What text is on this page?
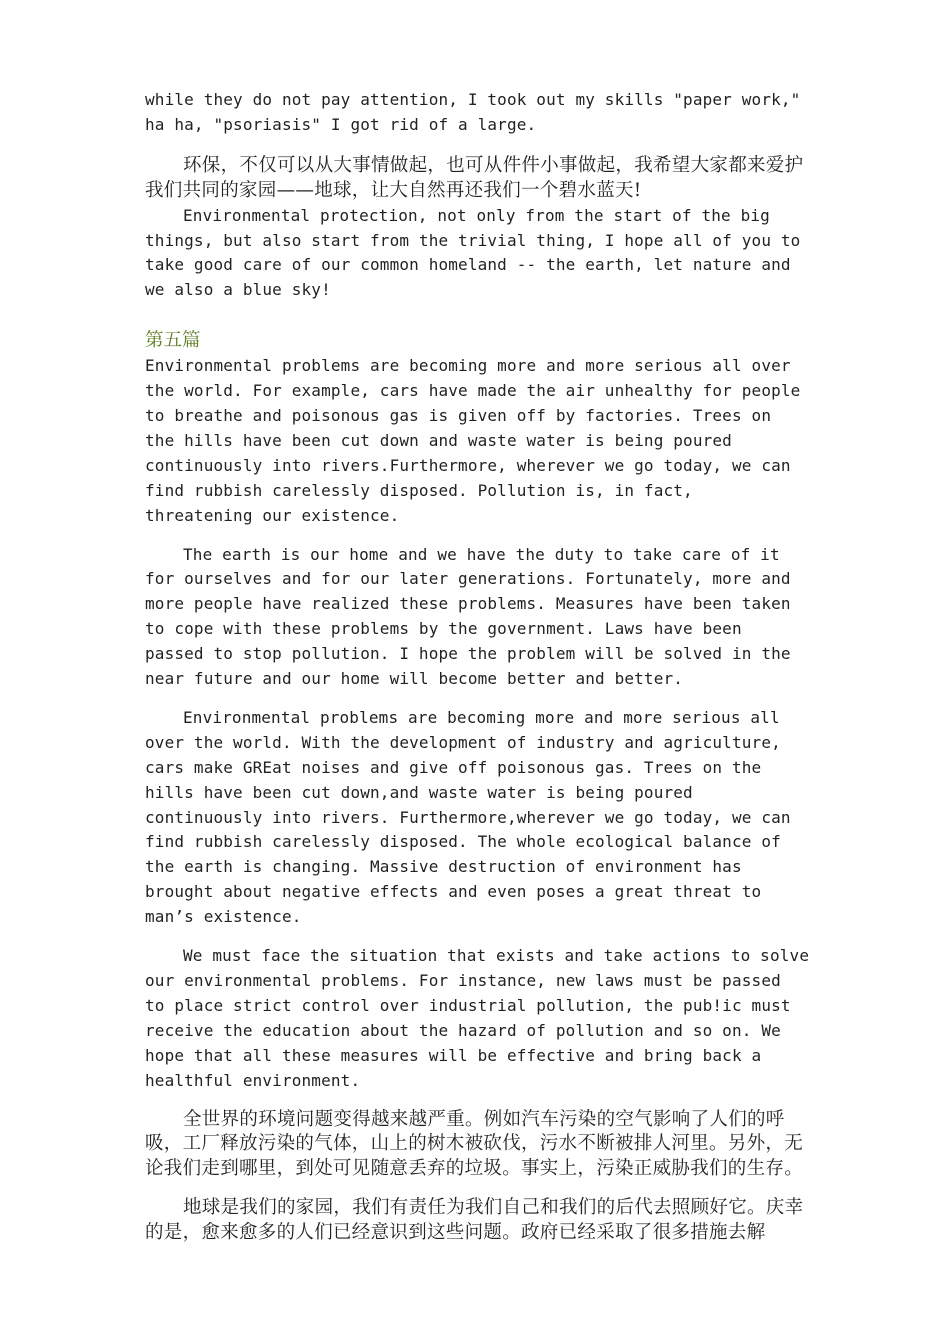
while they do not pay attention, I took out my skills "paper work," ha ha, "psoriasis" I got rid of a large.

环保，不仅可以从大事情做起，也可从件件小事做起，我希望大家都来爱护我们共同的家园——地球，让大自然再还我们一个碧水蓝天!

Environmental protection, not only from the start of the big things, but also start from the trivial thing, I hope all of you to take good care of our common homeland -- the earth, let nature and we also a blue sky!

第五篇

Environmental problems are becoming more and more serious all over the world. For example, cars have made the air unhealthy for people to breathe and poisonous gas is given off by factories. Trees on the hills have been cut down and waste water is being poured continuously into rivers.Furthermore, wherever we go today, we can find rubbish carelessly disposed. Pollution is, in fact, threatening our existence.

The earth is our home and we have the duty to take care of it for ourselves and for our later generations. Fortunately, more and more people have realized these problems. Measures have been taken to cope with these problems by the government. Laws have been passed to stop pollution. I hope the problem will be solved in the near future and our home will become better and better.

Environmental problems are becoming more and more serious all over the world. With the development of industry and agriculture, cars make GREat noises and give off poisonous gas. Trees on the hills have been cut down,and waste water is being poured continuously into rivers. Furthermore,wherever we go today, we can find rubbish carelessly disposed. The whole ecological balance of the earth is changing. Massive destruction of environment has brought about negative effects and even poses a great threat to man’s existence.

We must face the situation that exists and take actions to solve our environmental problems. For instance, new laws must be passed to place strict control over industrial pollution, the pub!ic must receive the education about the hazard of pollution and so on. We hope that all these measures will be effective and bring back a healthful environment.

全世界的环境问题变得越来越严重。例如汽车污染的空气影响了人们的呼吸，工厂释放污染的气体，山上的树木被砍伐，污水不断被排人河里。另外，无论我们走到哪里，到处可见随意丢弃的垃圾。事实上，污染正威胁我们的生存。

地球是我们的家园，我们有责任为我们自己和我们的后代去照顾好它。庆幸的是，愈来愈多的人们已经意识到这些问题。政府已经采取了很多措施去解
